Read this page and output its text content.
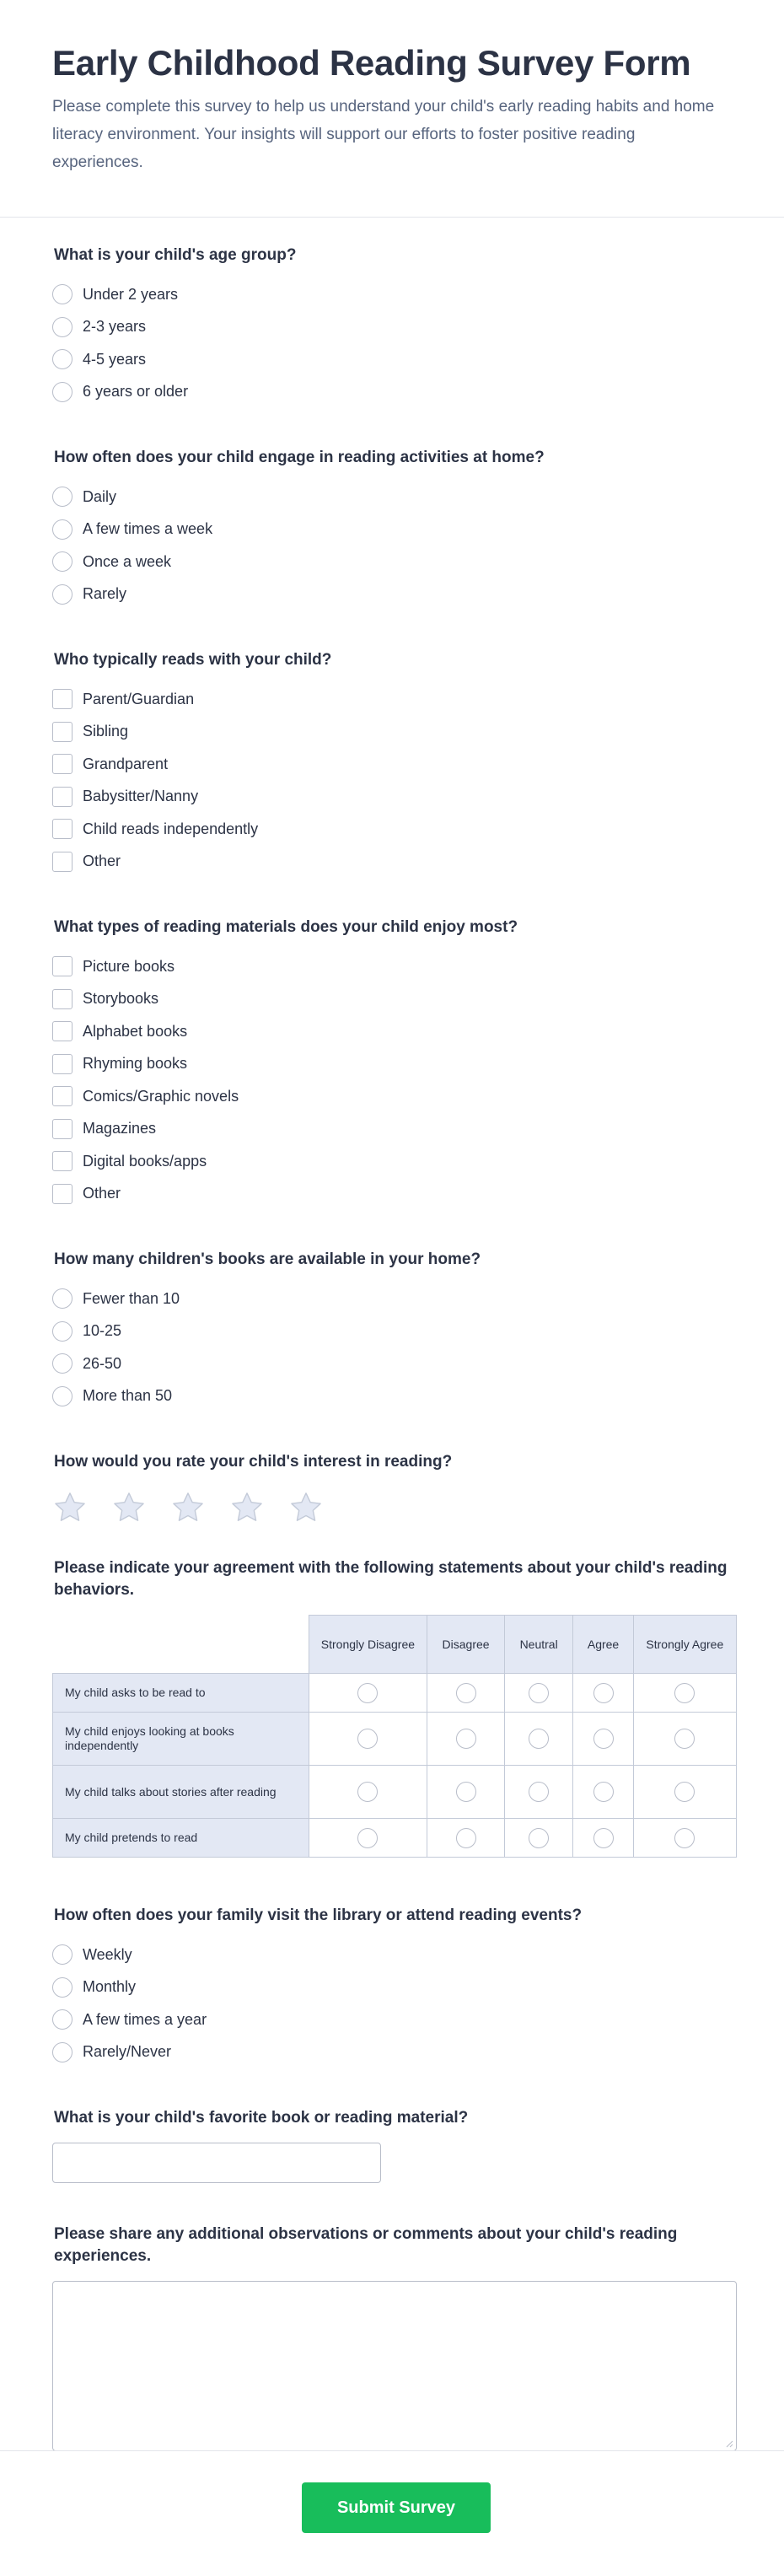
Early Childhood Reading Survey Form

Please complete this survey to help us understand your child's early reading habits and home literacy environment. Your insights will support our efforts to foster positive reading experiences.

What is your child's age group?
Under 2 years
2-3 years
4-5 years
6 years or older
How often does your child engage in reading activities at home?
Daily
A few times a week
Once a week
Rarely
Who typically reads with your child?
Parent/Guardian
Sibling
Grandparent
Babysitter/Nanny
Child reads independently
Other
What types of reading materials does your child enjoy most?
Picture books
Storybooks
Alphabet books
Rhyming books
Comics/Graphic novels
Magazines
Digital books/apps
Other
How many children's books are available in your home?
Fewer than 10
10-25
26-50
More than 50
How would you rate your child's interest in reading?
Please indicate your agreement with the following statements about your child's reading behaviors.
	Strongly Disagree	Disagree	Neutral	Agree	Strongly Agree
My child asks to be read to					
My child enjoys looking at books independently					
My child talks about stories after reading					
My child pretends to read					
How often does your family visit the library or attend reading events?
Weekly
Monthly
A few times a year
Rarely/Never
What is your child's favorite book or reading material?
Please share any additional observations or comments about your child's reading experiences.
Submit Survey
